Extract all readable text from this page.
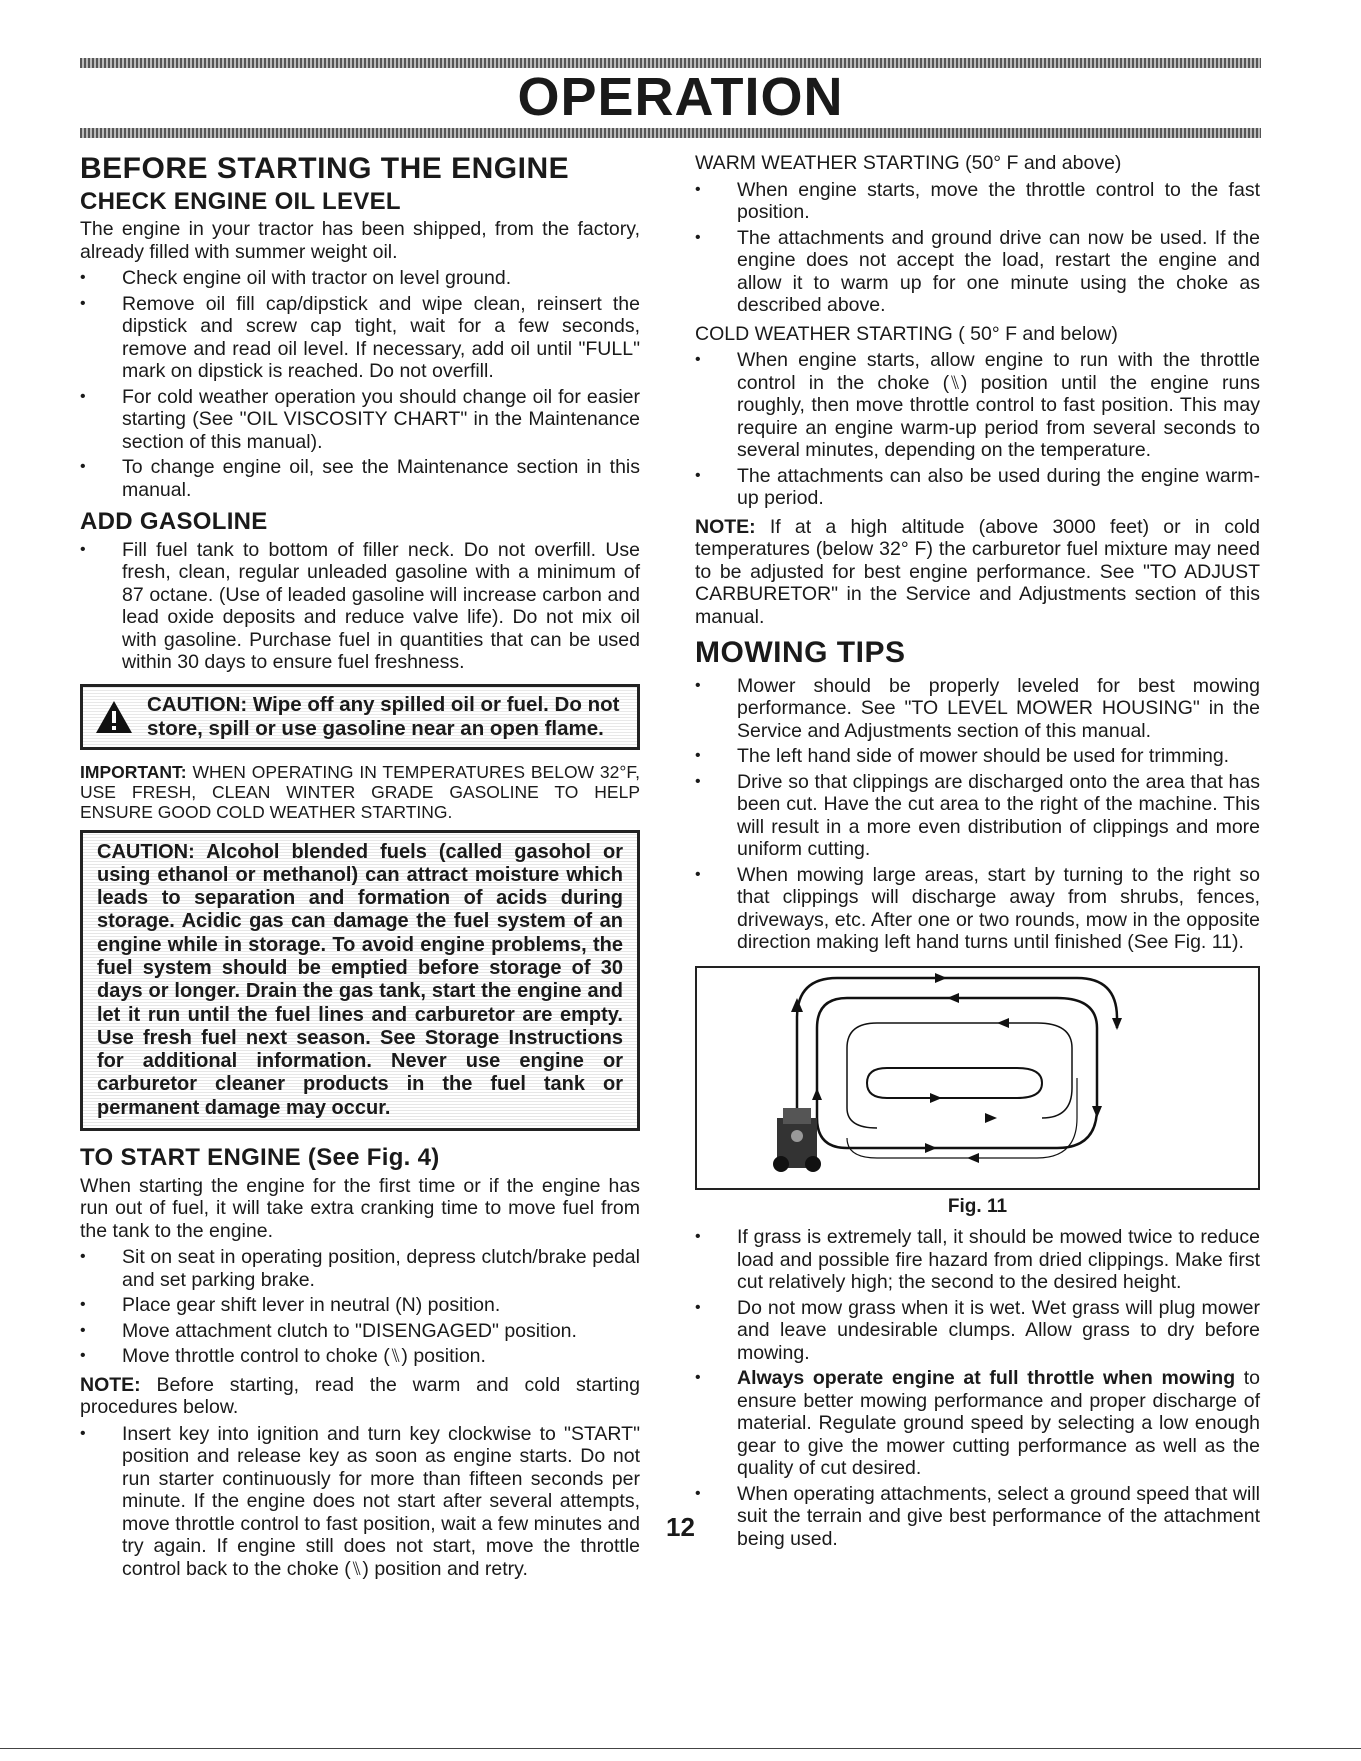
OPERATION
BEFORE STARTING THE ENGINE
CHECK ENGINE OIL LEVEL

The engine in your tractor has been shipped, from the factory, already filled with summer weight oil.

• Check engine oil with tractor on level ground.
• Remove oil fill cap/dipstick and wipe clean, reinsert the dipstick and screw cap tight, wait for a few seconds, remove and read oil level. If necessary, add oil until "FULL" mark on dipstick is reached. Do not overfill.
• For cold weather operation you should change oil for easier starting (See "OIL VISCOSITY CHART" in the Maintenance section of this manual).
• To change engine oil, see the Maintenance section in this manual.
ADD GASOLINE
• Fill fuel tank to bottom of filler neck. Do not overfill. Use fresh, clean, regular unleaded gasoline with a minimum of 87 octane. (Use of leaded gasoline will increase carbon and lead oxide deposits and reduce valve life). Do not mix oil with gasoline. Purchase fuel in quantities that can be used within 30 days to ensure fuel freshness.
CAUTION: Wipe off any spilled oil or fuel. Do not store, spill or use gasoline near an open flame.

IMPORTANT: WHEN OPERATING IN TEMPERATURES BELOW 32°F, USE FRESH, CLEAN WINTER GRADE GASOLINE TO HELP ENSURE GOOD COLD WEATHER STARTING.

CAUTION: Alcohol blended fuels (called gasohol or using ethanol or methanol) can attract moisture which leads to separation and formation of acids during storage. Acidic gas can damage the fuel system of an engine while in storage. To avoid engine problems, the fuel system should be emptied before storage of 30 days or longer. Drain the gas tank, start the engine and let it run until the fuel lines and carburetor are empty. Use fresh fuel next season. See Storage Instructions for additional information. Never use engine or carburetor cleaner products in the fuel tank or permanent damage may occur.
TO START ENGINE (See Fig. 4)

When starting the engine for the first time or if the engine has run out of fuel, it will take extra cranking time to move fuel from the tank to the engine.

• Sit on seat in operating position, depress clutch/brake pedal and set parking brake.
• Place gear shift lever in neutral (N) position.
• Move attachment clutch to "DISENGAGED" position.
• Move throttle control to choke (⑊) position.

NOTE: Before starting, read the warm and cold starting procedures below.

• Insert key into ignition and turn key clockwise to "START" position and release key as soon as engine starts. Do not run starter continuously for more than fifteen seconds per minute. If the engine does not start after several attempts, move throttle control to fast position, wait a few minutes and try again. If engine still does not start, move the throttle control back to the choke (⑊) position and retry.

WARM WEATHER STARTING (50° F and above)

• When engine starts, move the throttle control to the fast position.
• The attachments and ground drive can now be used. If the engine does not accept the load, restart the engine and allow it to warm up for one minute using the choke as described above.

COLD WEATHER STARTING ( 50° F and below)

• When engine starts, allow engine to run with the throttle control in the choke (⑊) position until the engine runs roughly, then move throttle control to fast position. This may require an engine warm-up period from several seconds to several minutes, depending on the temperature.
• The attachments can also be used during the engine warm-up period.

NOTE: If at a high altitude (above 3000 feet) or in cold temperatures (below 32° F) the carburetor fuel mixture may need to be adjusted for best engine performance. See "TO ADJUST CARBURETOR" in the Service and Adjustments section of this manual.

MOWING TIPS
• Mower should be properly leveled for best mowing performance. See "TO LEVEL MOWER HOUSING" in the Service and Adjustments section of this manual.
• The left hand side of mower should be used for trimming.
• Drive so that clippings are discharged onto the area that has been cut. Have the cut area to the right of the machine. This will result in a more even distribution of clippings and more uniform cutting.
• When mowing large areas, start by turning to the right so that clippings will discharge away from shrubs, fences, driveways, etc. After one or two rounds, mow in the opposite direction making left hand turns until finished (See Fig. 11).
Fig. 11
• If grass is extremely tall, it should be mowed twice to reduce load and possible fire hazard from dried clippings. Make first cut relatively high; the second to the desired height.
• Do not mow grass when it is wet. Wet grass will plug mower and leave undesirable clumps. Allow grass to dry before mowing.
• Always operate engine at full throttle when mowing to ensure better mowing performance and proper discharge of material. Regulate ground speed by selecting a low enough gear to give the mower cutting performance as well as the quality of cut desired.
• When operating attachments, select a ground speed that will suit the terrain and give best performance of the attachment being used.
12
